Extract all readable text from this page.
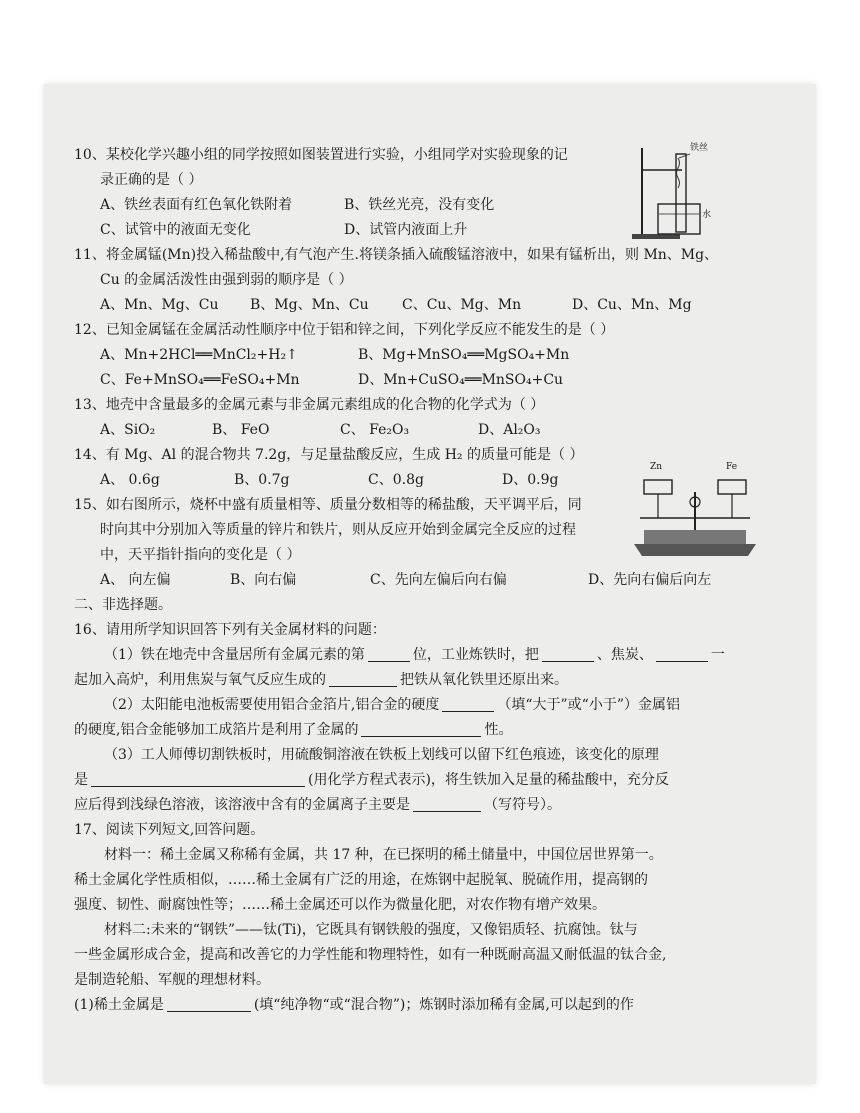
铁丝
水
Zn	Fe
10、某校化学兴趣小组的同学按照如图装置进行实验，小组同学对实验现象的记
录正确的是（ ）
A、铁丝表面有红色氧化铁附着	B、铁丝光亮，没有变化
C、试管中的液面无变化	D、试管内液面上升
11、将金属锰(Mn)投入稀盐酸中,有气泡产生.将镁条插入硫酸锰溶液中，如果有锰析出，则 Mn、Mg、
Cu 的金属活泼性由强到弱的顺序是（ ）
A、Mn、Mg、Cu	B、Mg、Mn、Cu	C、Cu、Mg、Mn	D、Cu、Mn、Mg
12、已知金属锰在金属活动性顺序中位于铝和锌之间，下列化学反应不能发生的是（ ）
A、Mn+2HCl══MnCl₂+H₂↑	B、Mg+MnSO₄══MgSO₄+Mn
C、Fe+MnSO₄══FeSO₄+Mn	D、Mn+CuSO₄══MnSO₄+Cu
13、地壳中含量最多的金属元素与非金属元素组成的化合物的化学式为（ ）
A、SiO₂	B、 FeO	C、 Fe₂O₃	D、Al₂O₃
14、有 Mg、Al 的混合物共 7.2g，与足量盐酸反应，生成 H₂ 的质量可能是（ ）
A、 0.6g	B、0.7g	C、0.8g	D、0.9g
15、如右图所示，烧杯中盛有质量相等、质量分数相等的稀盐酸，天平调平后，同
时向其中分别加入等质量的锌片和铁片，则从反应开始到金属完全反应的过程
中，天平指针指向的变化是（ ）
A、 向左偏	B、向右偏	C、先向左偏后向右偏	D、先向右偏后向左
二、非选择题。
16、请用所学知识回答下列有关金属材料的问题：
（1）铁在地壳中含量居所有金属元素的第	位，工业炼铁时，把	、焦炭、	一
起加入高炉，利用焦炭与氧气反应生成的	把铁从氧化铁里还原出来。
（2）太阳能电池板需要使用铝合金箔片,铝合金的硬度	（填“大于”或“小于”）金属铝
的硬度,铝合金能够加工成箔片是利用了金属的	性。
（3）工人师傅切割铁板时，用硫酸铜溶液在铁板上划线可以留下红色痕迹，该变化的原理
是	(用化学方程式表示)，将生铁加入足量的稀盐酸中，充分反
应后得到浅绿色溶液，该溶液中含有的金属离子主要是	（写符号）。
17、阅读下列短文,回答问题。
材料一：稀土金属又称稀有金属，共 17 种，在已探明的稀土储量中，中国位居世界第一。
稀土金属化学性质相似，……稀土金属有广泛的用途，在炼钢中起脱氧、脱硫作用，提高钢的
强度、韧性、耐腐蚀性等；……稀土金属还可以作为微量化肥，对农作物有增产效果。
材料二:未来的“钢铁”——钛(Ti)，它既具有钢铁般的强度，又像铝质轻、抗腐蚀。钛与
一些金属形成合金，提高和改善它的力学性能和物理特性，如有一种既耐高温又耐低温的钛合金,
是制造轮船、军舰的理想材料。
(1)稀土金属是	(填“纯净物“或“混合物”)；炼钢时添加稀有金属,可以起到的作
